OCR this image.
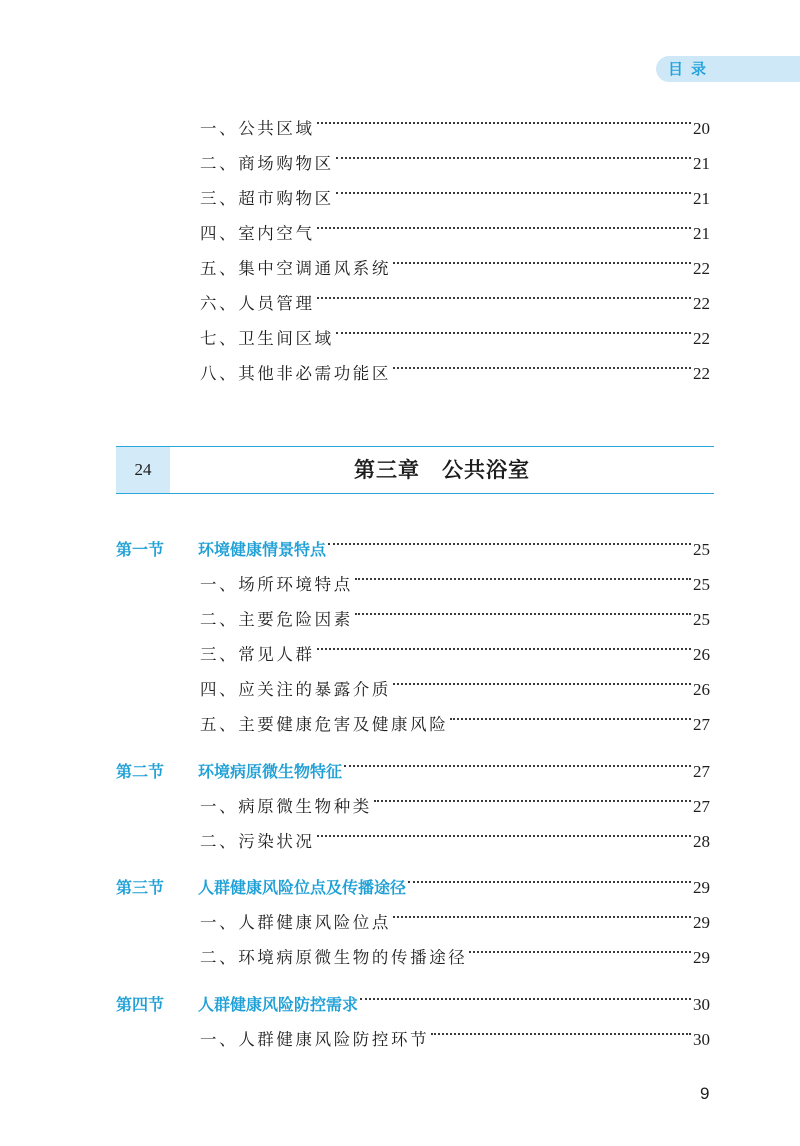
目录
一、公共区域	20
二、商场购物区	21
三、超市购物区	21
四、室内空气	21
五、集中空调通风系统	22
六、人员管理	22
七、卫生间区域	22
八、其他非必需功能区	22
24	第三章　公共浴室
第一节	环境健康情景特点	25
一、场所环境特点	25
二、主要危险因素	25
三、常见人群	26
四、应关注的暴露介质	26
五、主要健康危害及健康风险	27
第二节	环境病原微生物特征	27
一、病原微生物种类	27
二、污染状况	28
第三节	人群健康风险位点及传播途径	29
一、人群健康风险位点	29
二、环境病原微生物的传播途径	29
第四节	人群健康风险防控需求	30
一、人群健康风险防控环节	30
9
